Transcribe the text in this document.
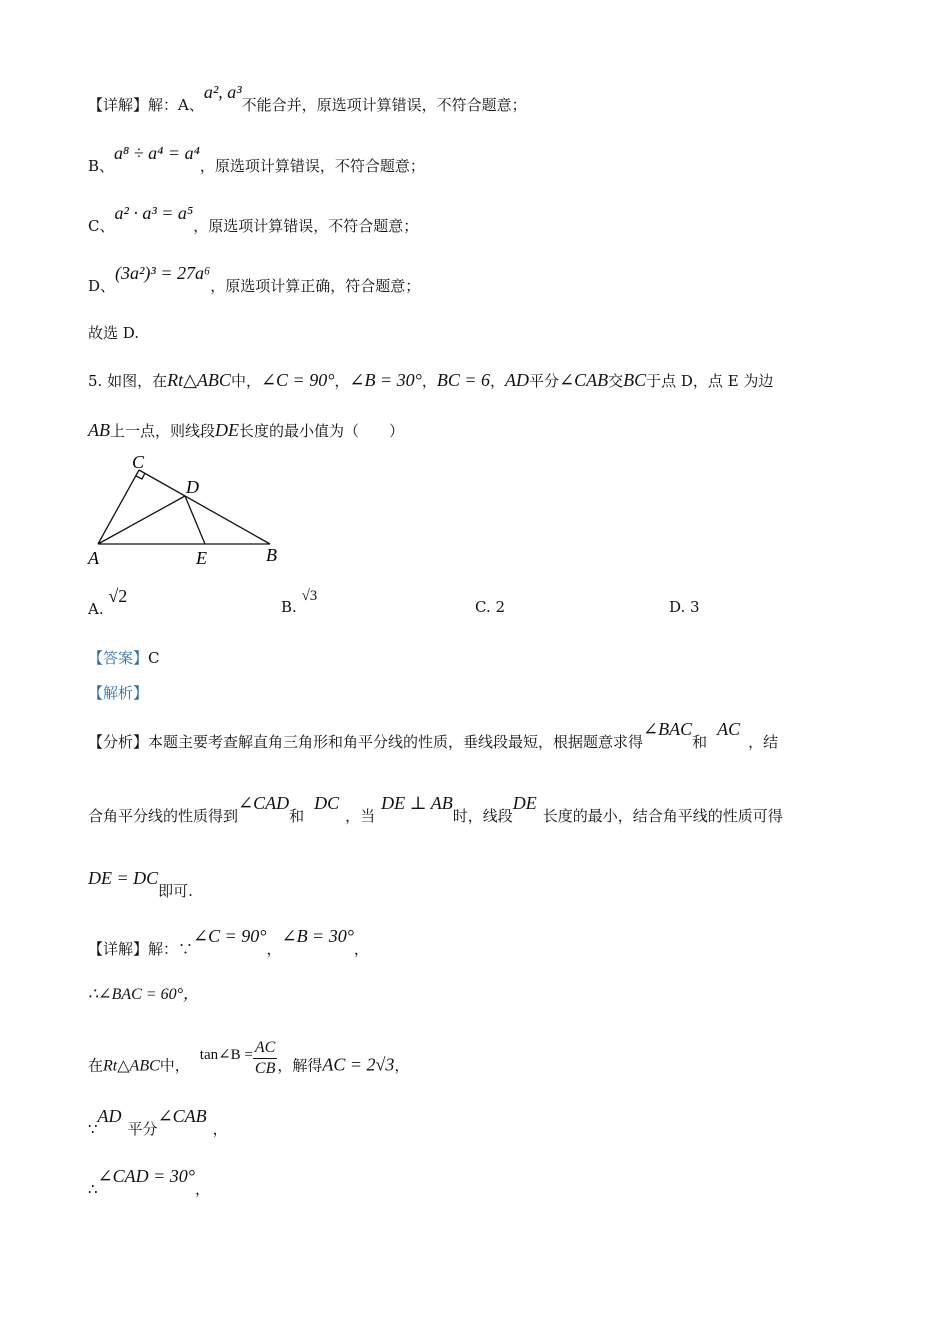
【详解】解：A、a², a³不能合并，原选项计算错误，不符合题意；
B、a⁸ ÷ a⁴ = a⁴，原选项计算错误，不符合题意；
C、a² · a³ = a⁵，原选项计算错误，不符合题意；
D、(3a²)³ = 27a⁶，原选项计算正确，符合题意；
故选 D.
5. 如图，在Rt△ABC中，∠C = 90°，∠B = 30°，BC = 6，AD平分∠CAB交BC于点 D，点 E 为边
AB上一点，则线段DE长度的最小值为（　　）
C
D
A	E	B
A. √2
B. √3
C. 2	D. 3
【答案】C
【解析】
【分析】本题主要考查解直角三角形和角平分线的性质，垂线段最短，根据题意求得∠BAC和AC，结
合角平分线的性质得到∠CAD和DC，当DE ⊥ AB时，线段DE长度的最小，结合角平线的性质可得
DE = DC即可.
【详解】解：∵∠C = 90°，∠B = 30°，
∴∠BAC = 60°，
在Rt△ABC中，tan∠B = $\frac{AC}{CB}$ ，解得AC = 2√3，
∵AD平分∠CAB，
∴∠CAD = 30°，
